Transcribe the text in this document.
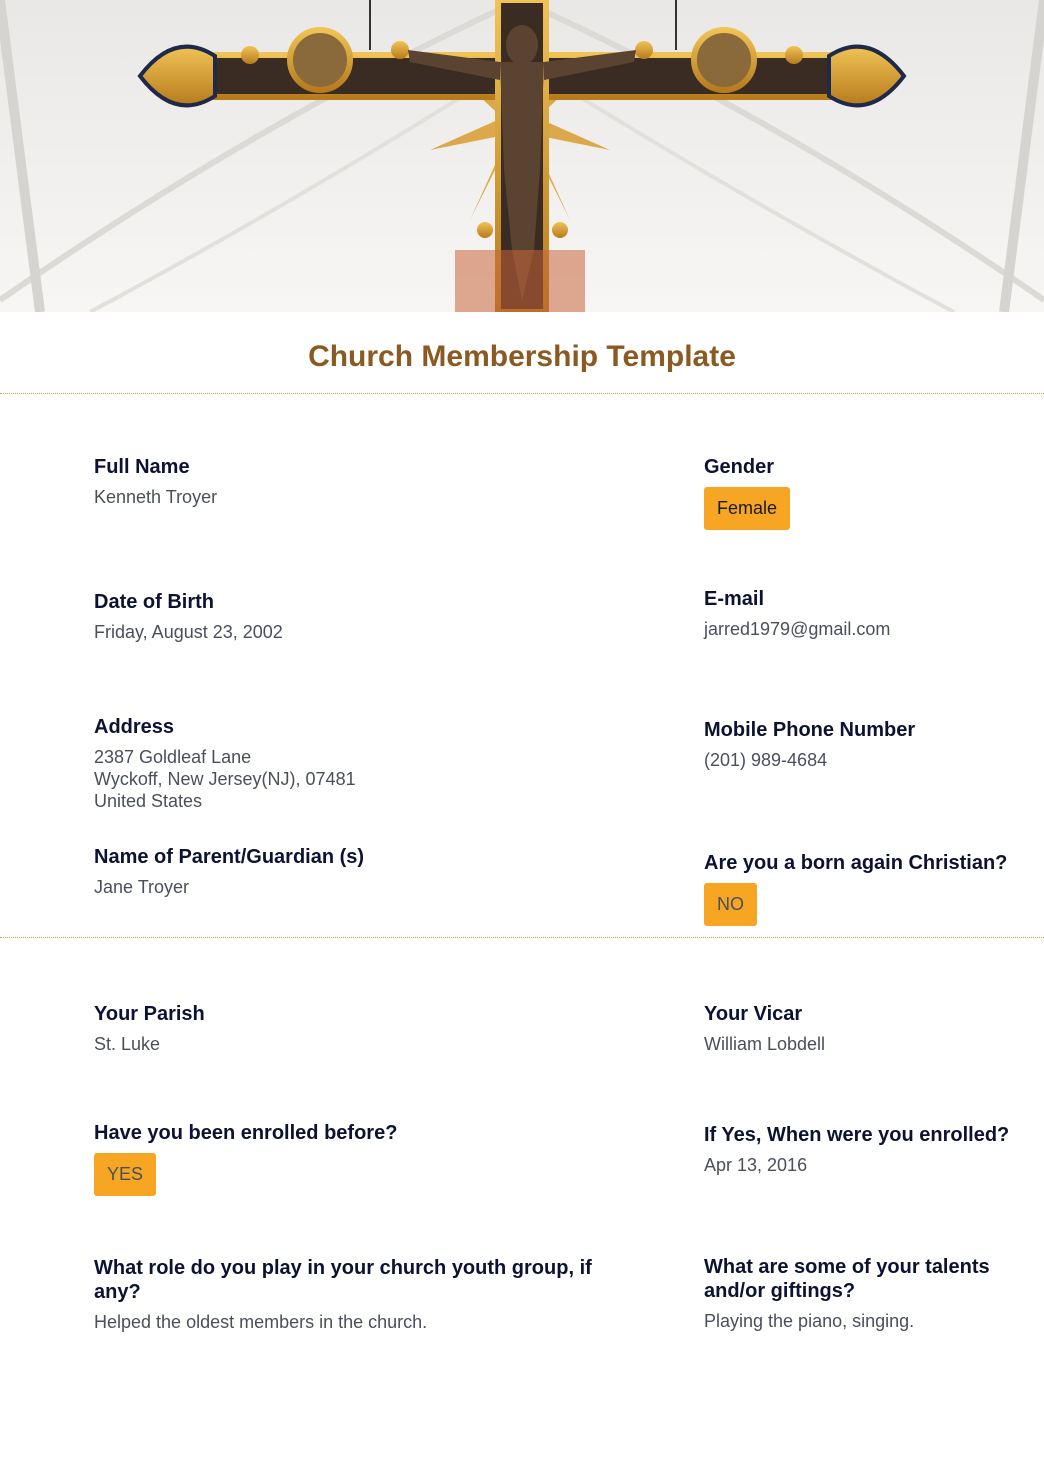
Church Membership Template
Full Name
Kenneth Troyer
Gender
Female
Date of Birth
Friday, August 23, 2002
E-mail
jarred1979@gmail.com
Address
2387 Goldleaf Lane
Wyckoff, New Jersey(NJ), 07481
United States
Mobile Phone Number
(201) 989-4684
Name of Parent/Guardian (s)
Jane Troyer
Are you a born again Christian?
NO
Your Parish
St. Luke
Your Vicar
William Lobdell
Have you been enrolled before?
YES
If Yes, When were you enrolled?
Apr 13, 2016
What role do you play in your church youth group, if any?
Helped the oldest members in the church.
What are some of your talents and/or giftings?
Playing the piano, singing.
